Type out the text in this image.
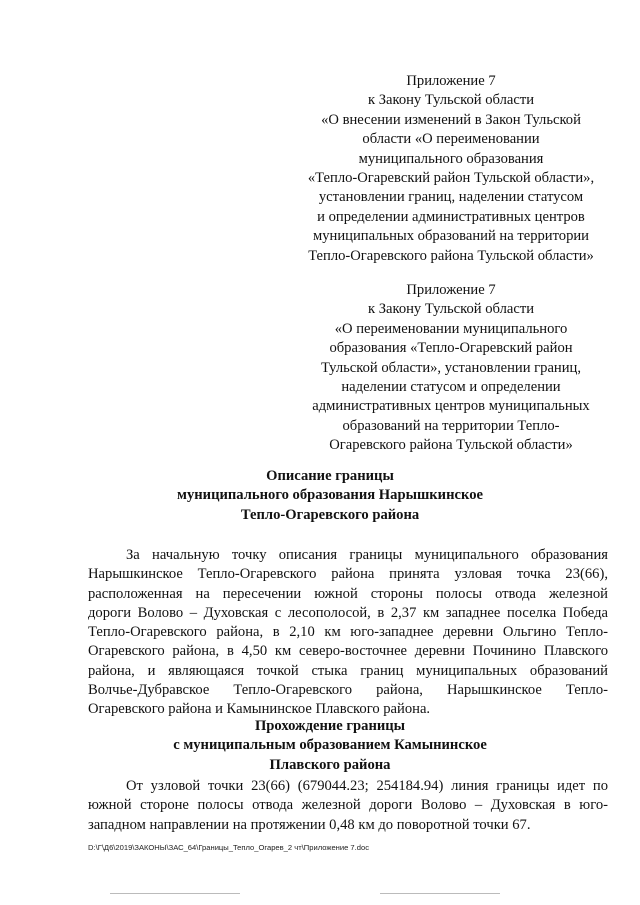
Приложение 7
к Закону Тульской области
«О внесении изменений в Закон Тульской
области «О переименовании
муниципального образования
«Тепло-Огаревский район Тульской области»,
установлении границ, наделении статусом
и определении административных центров
муниципальных образований на территории
Тепло-Огаревского района Тульской области»
Приложение 7
к Закону Тульской области
«О переименовании муниципального
образования «Тепло-Огаревский район
Тульской области», установлении границ,
наделении статусом и определении
административных центров муниципальных
образований на территории Тепло-
Огаревского района Тульской области»
Описание границы
муниципального образования Нарышкинское
Тепло-Огаревского района
За начальную точку описания границы муниципального образования
Нарышкинское Тепло-Огаревского района принята узловая точка 23(66),
расположенная на пересечении южной стороны полосы отвода железной
дороги Волово – Духовская с лесополосой, в 2,37 км западнее поселка Победа
Тепло-Огаревского района, в 2,10 км юго-западнее деревни Ольгино Тепло-
Огаревского района, в 4,50 км северо-восточнее деревни Починино Плавского
района, и являющаяся точкой стыка границ муниципальных образований
Волчье-Дубравское Тепло-Огаревского района, Нарышкинское Тепло-
Огаревского района и Камынинское Плавского района.
Прохождение границы
с муниципальным образованием Камынинское
Плавского района
От узловой точки 23(66) (679044.23; 254184.94) линия границы идет по
южной стороне полосы отвода железной дороги Волово – Духовская в юго-
западном направлении на протяжении 0,48 км до поворотной точки 67.
D:\Г\Д6\2019\ЗАКОНЫ\ЗАС_64\Границы_Тепло_Огарев_2 чт\Приложение 7.doc
